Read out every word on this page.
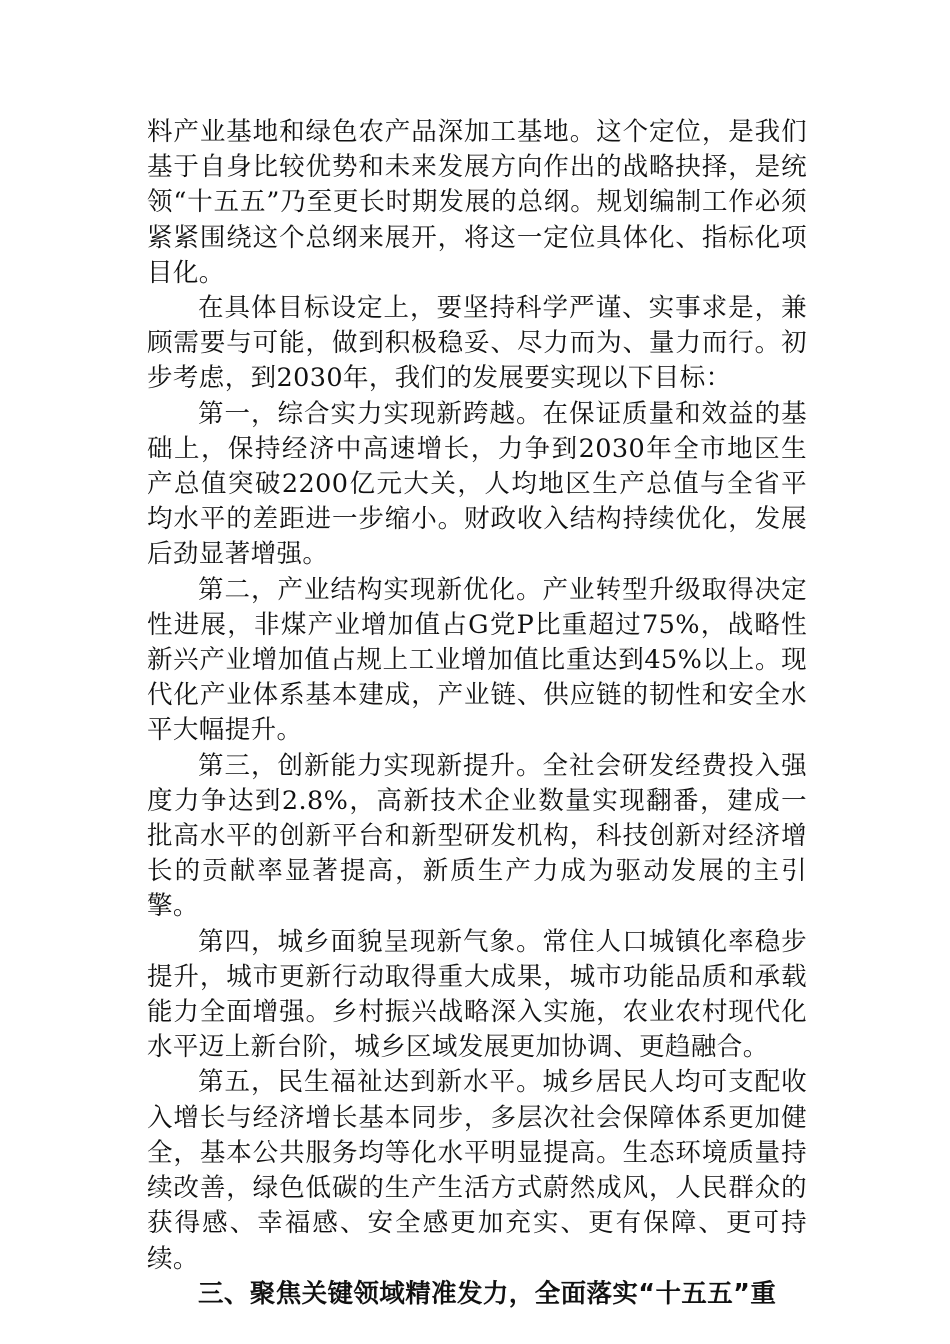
料产业基地和绿色农产品深加工基地。这个定位，是我们基于自身比较优势和未来发展方向作出的战略抉择，是统领“十五五”乃至更长时期发展的总纲。规划编制工作必须紧紧围绕这个总纲来展开，将这一定位具体化、指标化项目化。

在具体目标设定上，要坚持科学严谨、实事求是，兼顾需要与可能，做到积极稳妥、尽力而为、量力而行。初步考虑，到2030年，我们的发展要实现以下目标：

第一，综合实力实现新跨越。在保证质量和效益的基础上，保持经济中高速增长，力争到2030年全市地区生产总值突破2200亿元大关，人均地区生产总值与全省平均水平的差距进一步缩小。财政收入结构持续优化，发展后劲显著增强。

第二，产业结构实现新优化。产业转型升级取得决定性进展，非煤产业增加值占G党P比重超过75%，战略性新兴产业增加值占规上工业增加值比重达到45%以上。现代化产业体系基本建成，产业链、供应链的韧性和安全水平大幅提升。

第三，创新能力实现新提升。全社会研发经费投入强度力争达到2.8%，高新技术企业数量实现翻番，建成一批高水平的创新平台和新型研发机构，科技创新对经济增长的贡献率显著提高，新质生产力成为驱动发展的主引擎。

第四，城乡面貌呈现新气象。常住人口城镇化率稳步提升，城市更新行动取得重大成果，城市功能品质和承载能力全面增强。乡村振兴战略深入实施，农业农村现代化水平迈上新台阶，城乡区域发展更加协调、更趋融合。

第五，民生福祉达到新水平。城乡居民人均可支配收入增长与经济增长基本同步，多层次社会保障体系更加健全，基本公共服务均等化水平明显提高。生态环境质量持续改善，绿色低碳的生产生活方式蔚然成风，人民群众的获得感、幸福感、安全感更加充实、更有保障、更可持续。

三、聚焦关键领域精准发力，全面落实“十五五”重
